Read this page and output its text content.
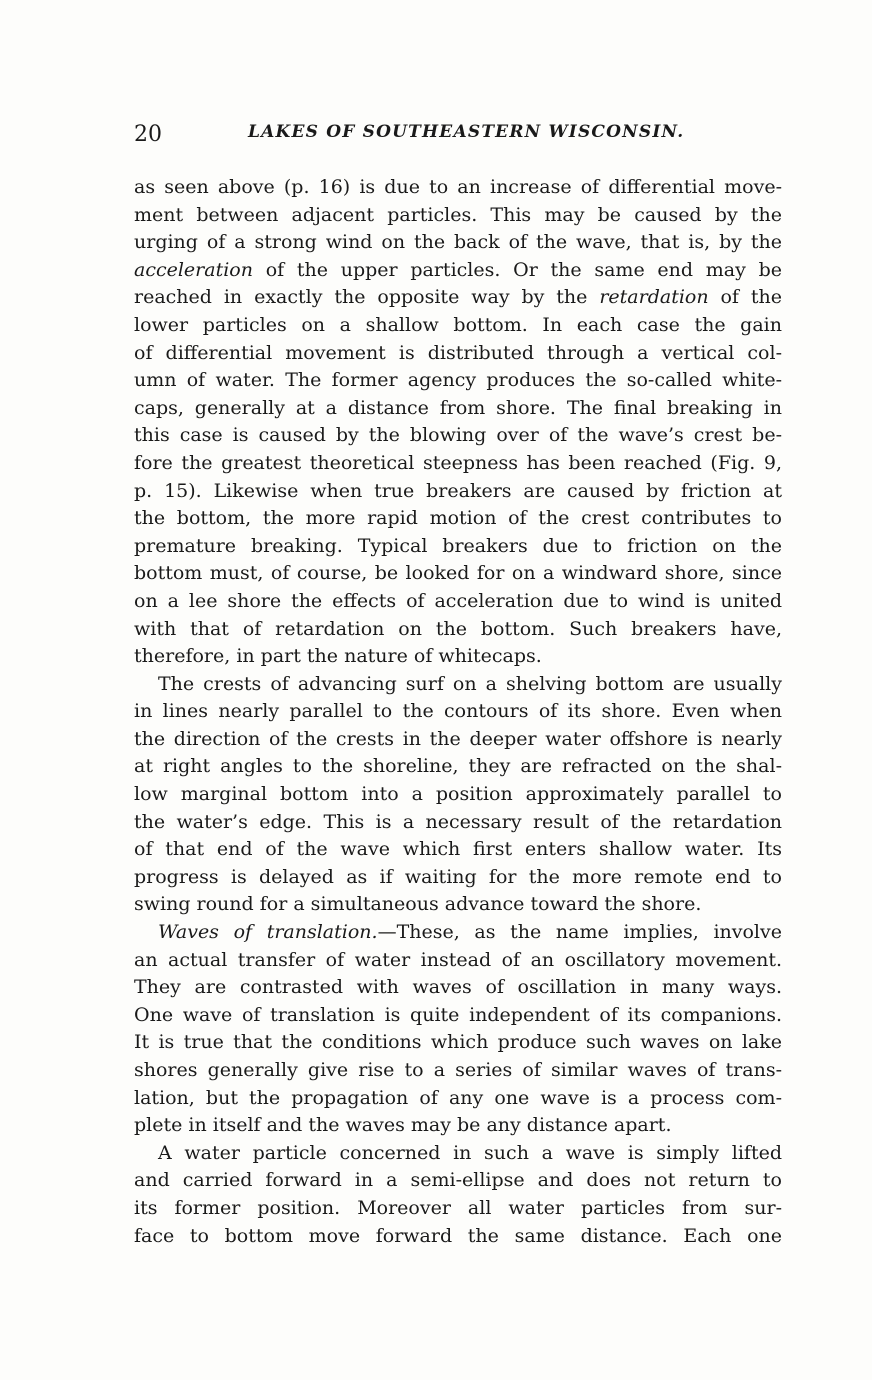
20	LAKES OF SOUTHEASTERN WISCONSIN.
as seen above (p. 16) is due to an increase of differential move-
ment between adjacent particles. This may be caused by the
urging of a strong wind on the back of the wave, that is, by the
acceleration of the upper particles. Or the same end may be
reached in exactly the opposite way by the retardation of the
lower particles on a shallow bottom. In each case the gain
of differential movement is distributed through a vertical col-
umn of water. The former agency produces the so-called white-
caps, generally at a distance from shore. The final breaking in
this case is caused by the blowing over of the wave’s crest be-
fore the greatest theoretical steepness has been reached (Fig. 9,
p. 15). Likewise when true breakers are caused by friction at
the bottom, the more rapid motion of the crest contributes to
premature breaking. Typical breakers due to friction on the
bottom must, of course, be looked for on a windward shore, since
on a lee shore the effects of acceleration due to wind is united
with that of retardation on the bottom. Such breakers have,
therefore, in part the nature of whitecaps.
The crests of advancing surf on a shelving bottom are usually
in lines nearly parallel to the contours of its shore. Even when
the direction of the crests in the deeper water offshore is nearly
at right angles to the shoreline, they are refracted on the shal-
low marginal bottom into a position approximately parallel to
the water’s edge. This is a necessary result of the retardation
of that end of the wave which first enters shallow water. Its
progress is delayed as if waiting for the more remote end to
swing round for a simultaneous advance toward the shore.
Waves of translation.—These, as the name implies, involve
an actual transfer of water instead of an oscillatory movement.
They are contrasted with waves of oscillation in many ways.
One wave of translation is quite independent of its companions.
It is true that the conditions which produce such waves on lake
shores generally give rise to a series of similar waves of trans-
lation, but the propagation of any one wave is a process com-
plete in itself and the waves may be any distance apart.
A water particle concerned in such a wave is simply lifted
and carried forward in a semi-ellipse and does not return to
its former position. Moreover all water particles from sur-
face to bottom move forward the same distance. Each one
